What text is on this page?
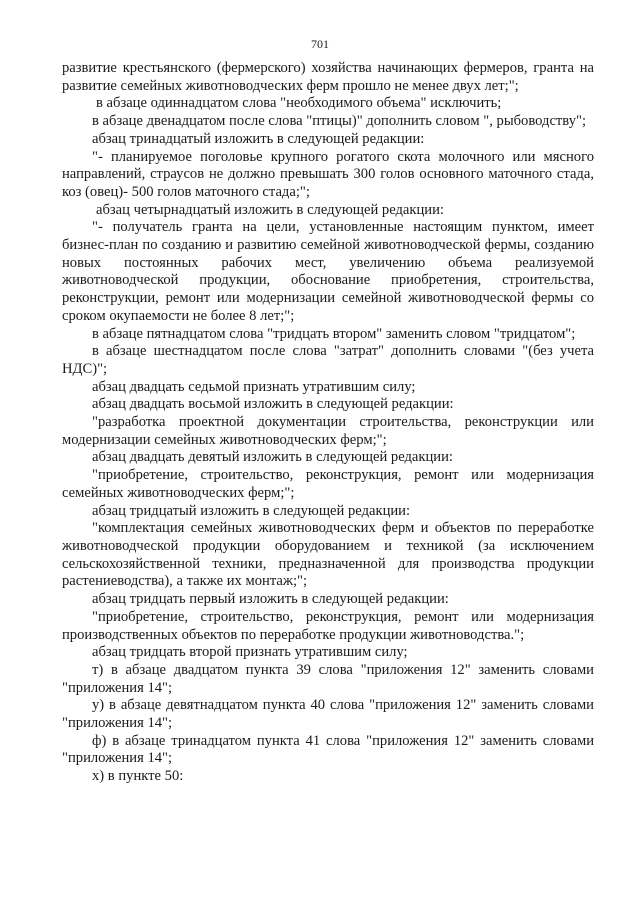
701

развитие крестьянского (фермерского) хозяйства начинающих фермеров, гранта на развитие семейных животноводческих ферм прошло не менее двух лет;";

в абзаце одиннадцатом слова "необходимого объема" исключить;

в абзаце двенадцатом после слова "птицы)" дополнить словом ", рыбоводству";

абзац тринадцатый изложить в следующей редакции:

"- планируемое поголовье крупного рогатого скота молочного или мясного направлений, страусов не должно превышать 300 голов основного маточного стада, коз (овец)- 500 голов маточного стада;";

абзац четырнадцатый изложить в следующей редакции:

"- получатель гранта на цели, установленные настоящим пунктом, имеет бизнес-план по созданию и развитию семейной животноводческой фермы, созданию новых постоянных рабочих мест, увеличению объема реализуемой животноводческой продукции, обоснование приобретения, строительства, реконструкции, ремонт или модернизации семейной животноводческой фермы со сроком окупаемости не более 8 лет;";

в абзаце пятнадцатом слова "тридцать втором" заменить словом "тридцатом";

в абзаце шестнадцатом после слова "затрат" дополнить словами "(без учета НДС)";

абзац двадцать седьмой признать утратившим силу;

абзац двадцать восьмой изложить в следующей редакции:

"разработка проектной документации строительства, реконструкции или модернизации семейных животноводческих ферм;";

абзац двадцать девятый изложить в следующей редакции:

"приобретение, строительство, реконструкция, ремонт или модернизация семейных животноводческих ферм;";

абзац тридцатый изложить в следующей редакции:

"комплектация семейных животноводческих ферм и объектов по переработке животноводческой продукции оборудованием и техникой (за исключением сельскохозяйственной техники, предназначенной для производства продукции растениеводства), а также их монтаж;";

абзац тридцать первый изложить в следующей редакции:

"приобретение, строительство, реконструкция, ремонт или модернизация производственных объектов по переработке продукции животноводства.";

абзац тридцать второй признать утратившим силу;

т) в абзаце двадцатом пункта 39 слова "приложения 12" заменить словами "приложения 14";

у) в абзаце девятнадцатом пункта 40 слова "приложения 12" заменить словами "приложения 14";

ф) в абзаце тринадцатом пункта 41 слова "приложения 12" заменить словами "приложения 14";

х) в пункте 50:
